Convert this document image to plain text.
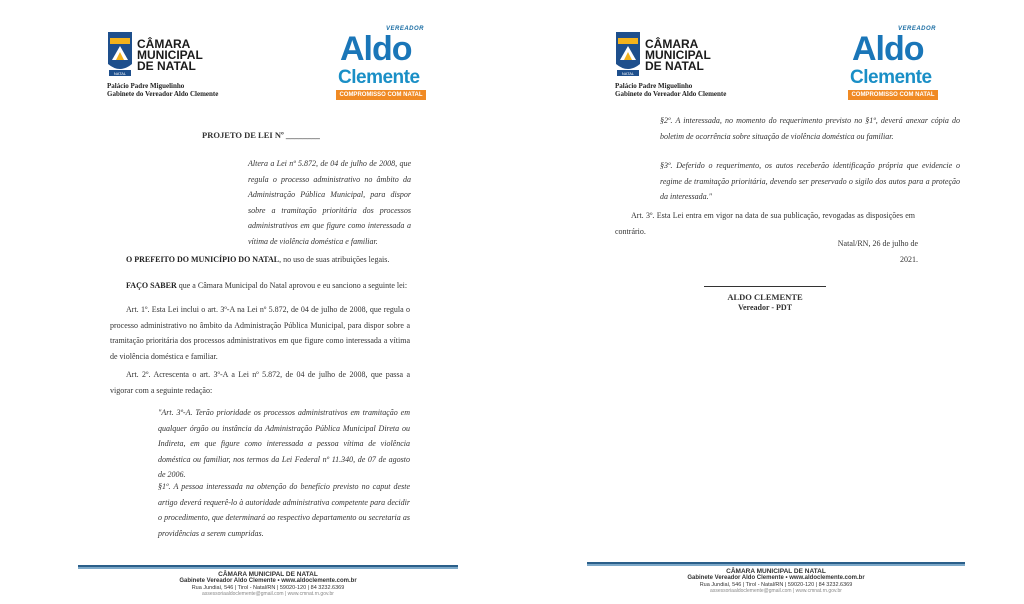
NATAL
CÂMARA
MUNICIPAL
DE NATAL
Palácio Padre Miguelinho
Gabinete do Vereador Aldo Clemente
VEREADOR
Aldo
Clemente
COMPROMISSO COM NATAL
PROJETO DE LEI Nº ________
Altera a Lei nº 5.872, de 04 de julho de 2008, que regula o processo administrativo no âmbito da Administração Pública Municipal, para dispor sobre a tramitação prioritária dos processos administrativos em que figure como interessada a vítima de violência doméstica e familiar.
O PREFEITO DO MUNICÍPIO DO NATAL, no uso de suas atribuições legais.
FAÇO SABER que a Câmara Municipal do Natal aprovou e eu sanciono a seguinte lei:
Art. 1º. Esta Lei inclui o art. 3º-A na Lei nº 5.872, de 04 de julho de 2008, que regula o processo administrativo no âmbito da Administração Pública Municipal, para dispor sobre a tramitação prioritária dos processos administrativos em que figure como interessada a vítima de violência doméstica e familiar.
Art. 2º. Acrescenta o art. 3º-A a Lei nº 5.872, de 04 de julho de 2008, que passa a vigorar com a seguinte redação:
"Art. 3º-A. Terão prioridade os processos administrativos em tramitação em qualquer órgão ou instância da Administração Pública Municipal Direta ou Indireta, em que figure como interessada a pessoa vítima de violência doméstica ou familiar, nos termos da Lei Federal nº 11.340, de 07 de agosto de 2006.
§1º. A pessoa interessada na obtenção do benefício previsto no caput deste artigo deverá requerê-lo à autoridade administrativa competente para decidir o procedimento, que determinará ao respectivo departamento ou secretaria as providências a serem cumpridas.
CÂMARA MUNICIPAL DE NATAL
Gabinete Vereador Aldo Clemente • www.aldoclemente.com.br
Rua Jundiaí, 546 | Tirol - Natal/RN | 59020-120 | 84 3232.6369
assessoriaaldoclemente@gmail.com | www.cmnat.rn.gov.br
NATAL
CÂMARA
MUNICIPAL
DE NATAL
Palácio Padre Miguelinho
Gabinete do Vereador Aldo Clemente
VEREADOR
Aldo
Clemente
COMPROMISSO COM NATAL
§2º. A interessada, no momento do requerimento previsto no §1º, deverá anexar cópia do boletim de ocorrência sobre situação de violência doméstica ou familiar.
§3º. Deferido o requerimento, os autos receberão identificação própria que evidencie o regime de tramitação prioritária, devendo ser preservado o sigilo dos autos para a proteção da interessada."
Art. 3º. Esta Lei entra em vigor na data de sua publicação, revogadas as disposições em contrário.
Natal/RN, 26 de julho de 2021.
ALDO CLEMENTE
Vereador - PDT
CÂMARA MUNICIPAL DE NATAL
Gabinete Vereador Aldo Clemente • www.aldoclemente.com.br
Rua Jundiaí, 546 | Tirol - Natal/RN | 59020-120 | 84 3232.6369
assessoriaaldoclemente@gmail.com | www.cmnat.rn.gov.br
